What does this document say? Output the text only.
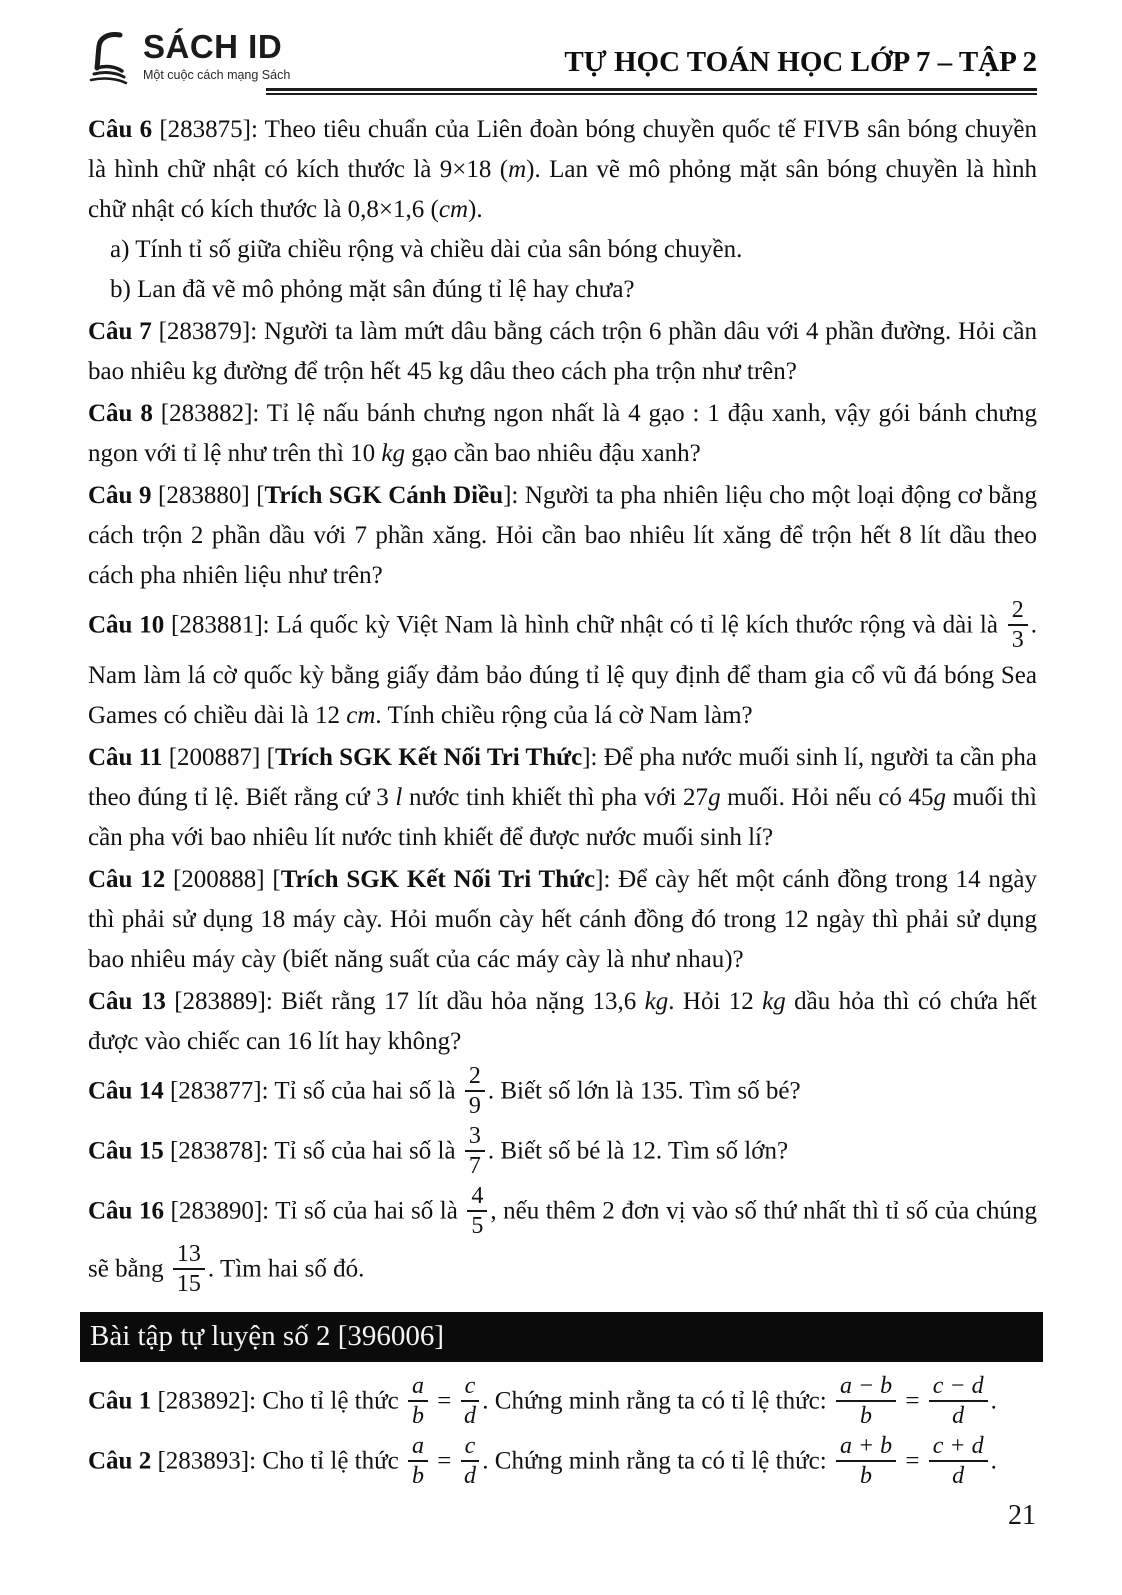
SÁCH ID
Một cuộc cách mạng Sách	TỰ HỌC TOÁN HỌC LỚP 7 – TẬP 2

Câu 6 [283875]: Theo tiêu chuẩn của Liên đoàn bóng chuyền quốc tế FIVB sân bóng chuyền là hình chữ nhật có kích thước là 9×18 (m). Lan vẽ mô phỏng mặt sân bóng chuyền là hình chữ nhật có kích thước là 0,8×1,6 (cm).

a) Tính tỉ số giữa chiều rộng và chiều dài của sân bóng chuyền.

b) Lan đã vẽ mô phỏng mặt sân đúng tỉ lệ hay chưa?

Câu 7 [283879]: Người ta làm mứt dâu bằng cách trộn 6 phần dâu với 4 phần đường. Hỏi cần bao nhiêu kg đường để trộn hết 45 kg dâu theo cách pha trộn như trên?

Câu 8 [283882]: Tỉ lệ nấu bánh chưng ngon nhất là 4 gạo : 1 đậu xanh, vậy gói bánh chưng ngon với tỉ lệ như trên thì 10 kg gạo cần bao nhiêu đậu xanh?

Câu 9 [283880] [Trích SGK Cánh Diều]: Người ta pha nhiên liệu cho một loại động cơ bằng cách trộn 2 phần dầu với 7 phần xăng. Hỏi cần bao nhiêu lít xăng để trộn hết 8 lít dầu theo cách pha nhiên liệu như trên?

Câu 10 [283881]: Lá quốc kỳ Việt Nam là hình chữ nhật có tỉ lệ kích thước rộng và dài là $\frac{2}{3}$ . Nam làm lá cờ quốc kỳ bằng giấy đảm bảo đúng tỉ lệ quy định để tham gia cổ vũ đá bóng Sea Games có chiều dài là 12 cm. Tính chiều rộng của lá cờ Nam làm?

Câu 11 [200887] [Trích SGK Kết Nối Tri Thức]: Để pha nước muối sinh lí, người ta cần pha theo đúng tỉ lệ. Biết rằng cứ 3 l nước tinh khiết thì pha với 27g muối. Hỏi nếu có 45g muối thì cần pha với bao nhiêu lít nước tinh khiết để được nước muối sinh lí?

Câu 12 [200888] [Trích SGK Kết Nối Tri Thức]: Để cày hết một cánh đồng trong 14 ngày thì phải sử dụng 18 máy cày. Hỏi muốn cày hết cánh đồng đó trong 12 ngày thì phải sử dụng bao nhiêu máy cày (biết năng suất của các máy cày là như nhau)?

Câu 13 [283889]: Biết rằng 17 lít dầu hỏa nặng 13,6 kg. Hỏi 12 kg dầu hỏa thì có chứa hết được vào chiếc can 16 lít hay không?

Câu 14 [283877]: Tỉ số của hai số là $\frac{2}{9}$ . Biết số lớn là 135. Tìm số bé?

Câu 15 [283878]: Tỉ số của hai số là $\frac{3}{7}$ . Biết số bé là 12. Tìm số lớn?

Câu 16 [283890]: Tỉ số của hai số là $\frac{4}{5}$ , nếu thêm 2 đơn vị vào số thứ nhất thì tỉ số của chúng sẽ bằng $\frac{13}{15}$ . Tìm hai số đó.

Bài tập tự luyện số 2 [396006]

Câu 1 [283892]: Cho tỉ lệ thức $\frac{a}{b} = \frac{c}{d}$ . Chứng minh rằng ta có tỉ lệ thức: $\frac{a - b}{b} = \frac{c - d}{d}$ .

Câu 2 [283893]: Cho tỉ lệ thức $\frac{a}{b} = \frac{c}{d}$ . Chứng minh rằng ta có tỉ lệ thức: $\frac{a + b}{b} = \frac{c + d}{d}$ .

21
